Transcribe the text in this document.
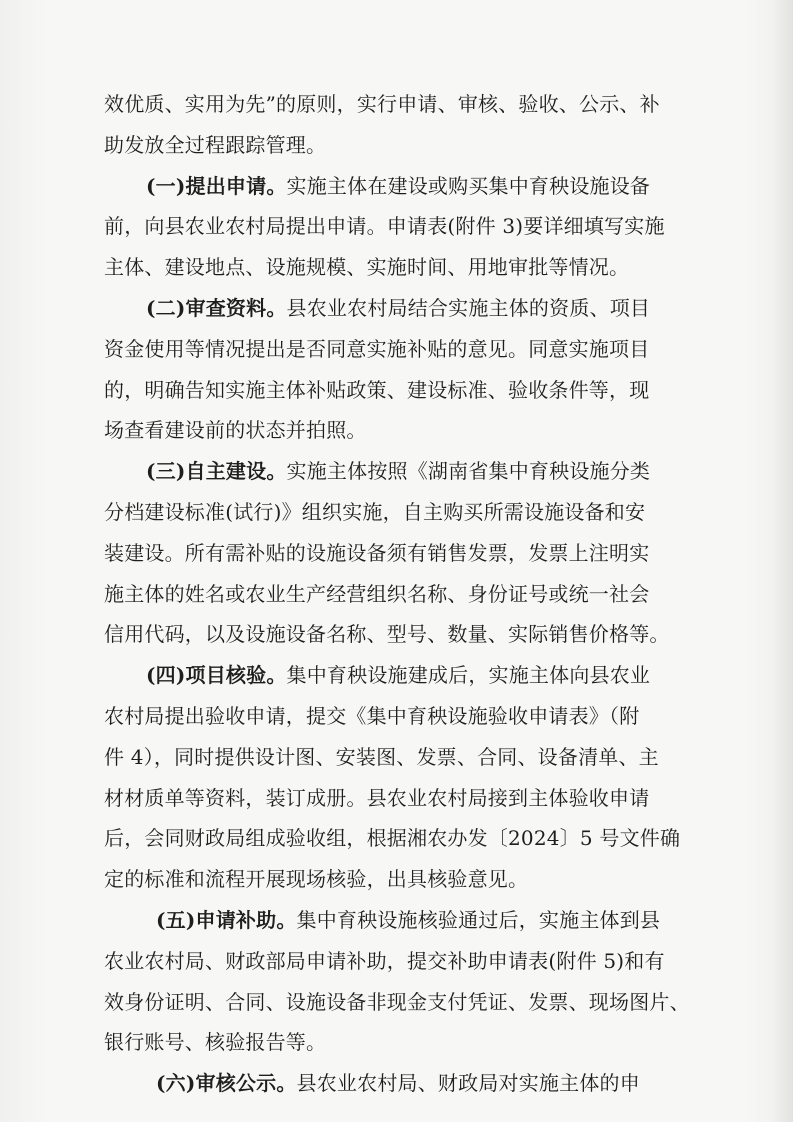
效优质、实用为先”的原则，实行申请、审核、验收、公示、补
助发放全过程跟踪管理。
(一)提出申请。实施主体在建设或购买集中育秧设施设备
前，向县农业农村局提出申请。申请表(附件 3)要详细填写实施
主体、建设地点、设施规模、实施时间、用地审批等情况。
(二)审查资料。县农业农村局结合实施主体的资质、项目
资金使用等情况提出是否同意实施补贴的意见。同意实施项目
的，明确告知实施主体补贴政策、建设标准、验收条件等，现
场查看建设前的状态并拍照。
(三)自主建设。实施主体按照《湖南省集中育秧设施分类
分档建设标准(试行)》组织实施，自主购买所需设施设备和安
装建设。所有需补贴的设施设备须有销售发票，发票上注明实
施主体的姓名或农业生产经营组织名称、身份证号或统一社会
信用代码，以及设施设备名称、型号、数量、实际销售价格等。
(四)项目核验。集中育秧设施建成后，实施主体向县农业
农村局提出验收申请，提交《集中育秧设施验收申请表》（附
件 4），同时提供设计图、安装图、发票、合同、设备清单、主
材材质单等资料，装订成册。县农业农村局接到主体验收申请
后，会同财政局组成验收组，根据湘农办发〔2024〕5 号文件确
定的标准和流程开展现场核验，出具核验意见。
(五)申请补助。集中育秧设施核验通过后，实施主体到县
农业农村局、财政部局申请补助，提交补助申请表(附件 5)和有
效身份证明、合同、设施设备非现金支付凭证、发票、现场图片、
银行账号、核验报告等。
(六)审核公示。县农业农村局、财政局对实施主体的申
